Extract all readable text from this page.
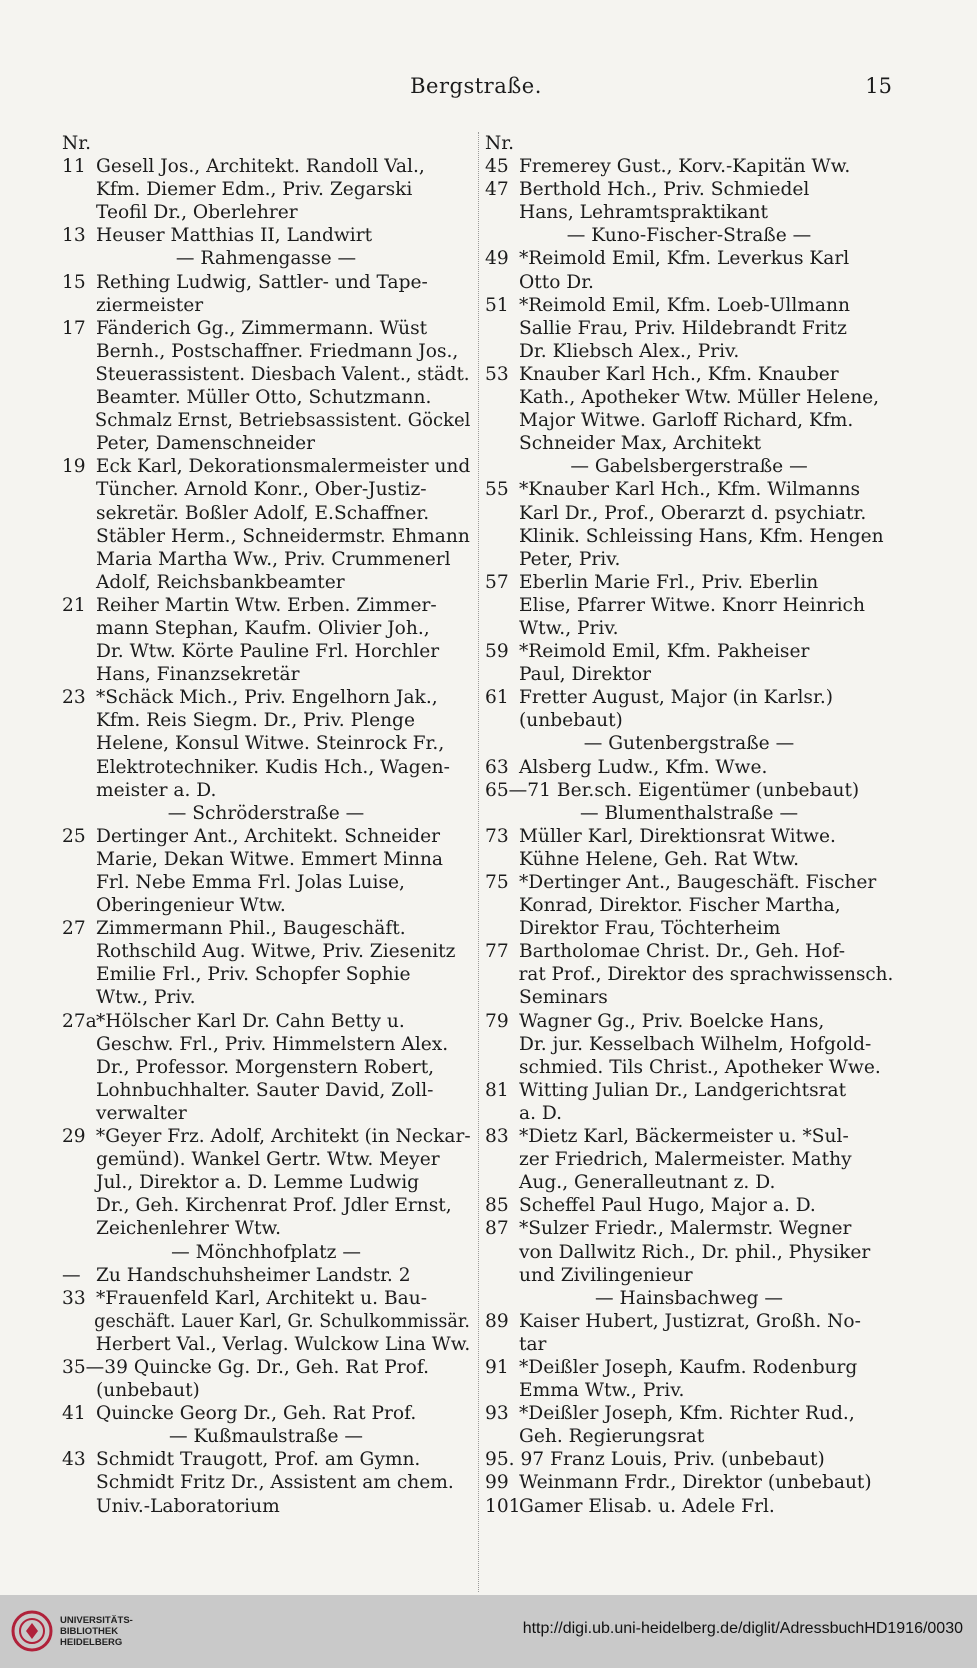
Bergstraße.	15
Nr.
11 Gesell Jos., Architekt. Randoll Val.,
Kfm. Diemer Edm., Priv. Zegarski
Teofil Dr., Oberlehrer
13 Heuser Matthias II, Landwirt
— Rahmengasse —
15 Rething Ludwig, Sattler- und Tape-
ziermeister
17 Fänderich Gg., Zimmermann. Wüst
Bernh., Postschaffner. Friedmann Jos.,
Steuerassistent. Diesbach Valent., städt.
Beamter. Müller Otto, Schutzmann.
Schmalz Ernst, Betriebsassistent. Göckel
Peter, Damenschneider
19 Eck Karl, Dekorationsmalermeister und
Tüncher. Arnold Konr., Ober-Justiz-
sekretär. Boßler Adolf, E.Schaffner.
Stäbler Herm., Schneidermstr. Ehmann
Maria Martha Ww., Priv. Crummenerl
Adolf, Reichsbankbeamter
21 Reiher Martin Wtw. Erben. Zimmer-
mann Stephan, Kaufm. Olivier Joh.,
Dr. Wtw. Körte Pauline Frl. Horchler
Hans, Finanzsekretär
23 *Schäck Mich., Priv. Engelhorn Jak.,
Kfm. Reis Siegm. Dr., Priv. Plenge
Helene, Konsul Witwe. Steinrock Fr.,
Elektrotechniker. Kudis Hch., Wagen-
meister a. D.
— Schröderstraße —
25 Dertinger Ant., Architekt. Schneider
Marie, Dekan Witwe. Emmert Minna
Frl. Nebe Emma Frl. Jolas Luise,
Oberingenieur Wtw.
27 Zimmermann Phil., Baugeschäft.
Rothschild Aug. Witwe, Priv. Ziesenitz
Emilie Frl., Priv. Schopfer Sophie
Wtw., Priv.
27a*Hölscher Karl Dr. Cahn Betty u.
Geschw. Frl., Priv. Himmelstern Alex.
Dr., Professor. Morgenstern Robert,
Lohnbuchhalter. Sauter David, Zoll-
verwalter
29 *Geyer Frz. Adolf, Architekt (in Neckar-
gemünd). Wankel Gertr. Wtw. Meyer
Jul., Direktor a. D. Lemme Ludwig
Dr., Geh. Kirchenrat Prof. Jdler Ernst,
Zeichenlehrer Wtw.
— Mönchhofplatz —
— Zu Handschuhsheimer Landstr. 2
33 *Frauenfeld Karl, Architekt u. Bau-
geschäft. Lauer Karl, Gr. Schulkommissär.
Herbert Val., Verlag. Wulckow Lina Ww.
35—39 Quincke Gg. Dr., Geh. Rat Prof.
(unbebaut)
41 Quincke Georg Dr., Geh. Rat Prof.
— Kußmaulstraße —
43 Schmidt Traugott, Prof. am Gymn.
Schmidt Fritz Dr., Assistent am chem.
Univ.-Laboratorium
Nr.
45 Fremerey Gust., Korv.-Kapitän Ww.
47 Berthold Hch., Priv. Schmiedel
Hans, Lehramtspraktikant
— Kuno-Fischer-Straße —
49 *Reimold Emil, Kfm. Leverkus Karl
Otto Dr.
51 *Reimold Emil, Kfm. Loeb-Ullmann
Sallie Frau, Priv. Hildebrandt Fritz
Dr. Kliebsch Alex., Priv.
53 Knauber Karl Hch., Kfm. Knauber
Kath., Apotheker Wtw. Müller Helene,
Major Witwe. Garloff Richard, Kfm.
Schneider Max, Architekt
— Gabelsbergerstraße —
55 *Knauber Karl Hch., Kfm. Wilmanns
Karl Dr., Prof., Oberarzt d. psychiatr.
Klinik. Schleissing Hans, Kfm. Hengen
Peter, Priv.
57 Eberlin Marie Frl., Priv. Eberlin
Elise, Pfarrer Witwe. Knorr Heinrich
Wtw., Priv.
59 *Reimold Emil, Kfm. Pakheiser
Paul, Direktor
61 Fretter August, Major (in Karlsr.)
(unbebaut)
— Gutenbergstraße —
63 Alsberg Ludw., Kfm. Wwe.
65—71 Ber.sch. Eigentümer (unbebaut)
— Blumenthalstraße —
73 Müller Karl, Direktionsrat Witwe.
Kühne Helene, Geh. Rat Wtw.
75 *Dertinger Ant., Baugeschäft. Fischer
Konrad, Direktor. Fischer Martha,
Direktor Frau, Töchterheim
77 Bartholomae Christ. Dr., Geh. Hof-
rat Prof., Direktor des sprachwissensch.
Seminars
79 Wagner Gg., Priv. Boelcke Hans,
Dr. jur. Kesselbach Wilhelm, Hofgold-
schmied. Tils Christ., Apotheker Wwe.
81 Witting Julian Dr., Landgerichtsrat
a. D.
83 *Dietz Karl, Bäckermeister u. *Sul-
zer Friedrich, Malermeister. Mathy
Aug., Generalleutnant z. D.
85 Scheffel Paul Hugo, Major a. D.
87 *Sulzer Friedr., Malermstr. Wegner
von Dallwitz Rich., Dr. phil., Physiker
und Zivilingenieur
— Hainsbachweg —
89 Kaiser Hubert, Justizrat, Großh. No-
tar
91 *Deißler Joseph, Kaufm. Rodenburg
Emma Wtw., Priv.
93 *Deißler Joseph, Kfm. Richter Rud.,
Geh. Regierungsrat
95. 97 Franz Louis, Priv. (unbebaut)
99 Weinmann Frdr., Direktor (unbebaut)
101Gamer Elisab. u. Adele Frl.
UNIVERSITÄTS-
BIBLIOTHEK
HEIDELBERG
http://digi.ub.uni-heidelberg.de/diglit/AdressbuchHD1916/0030
